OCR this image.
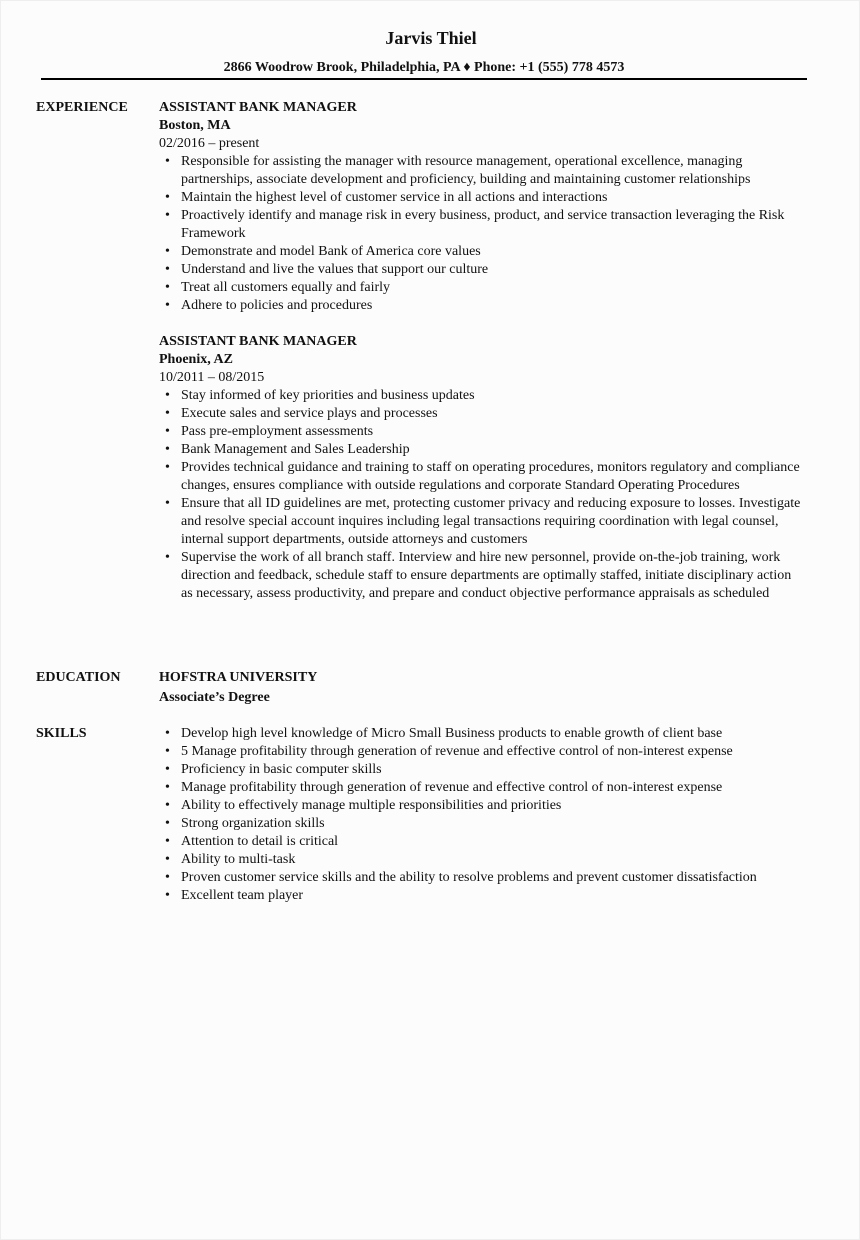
Jarvis Thiel
2866 Woodrow Brook, Philadelphia, PA ♦ Phone: +1 (555) 778 4573
EXPERIENCE ASSISTANT BANK MANAGER
Boston, MA
02/2016 – present
• Responsible for assisting the manager with resource management, operational excellence, managing partnerships, associate development and proficiency, building and maintaining customer relationships
• Maintain the highest level of customer service in all actions and interactions
• Proactively identify and manage risk in every business, product, and service transaction leveraging the Risk Framework
• Demonstrate and model Bank of America core values
• Understand and live the values that support our culture
• Treat all customers equally and fairly
• Adhere to policies and procedures
ASSISTANT BANK MANAGER
Phoenix, AZ
10/2011 – 08/2015
• Stay informed of key priorities and business updates
• Execute sales and service plays and processes
• Pass pre-employment assessments
• Bank Management and Sales Leadership
• Provides technical guidance and training to staff on operating procedures, monitors regulatory and compliance changes, ensures compliance with outside regulations and corporate Standard Operating Procedures
• Ensure that all ID guidelines are met, protecting customer privacy and reducing exposure to losses. Investigate and resolve special account inquires including legal transactions requiring coordination with legal counsel, internal support departments, outside attorneys and customers
• Supervise the work of all branch staff. Interview and hire new personnel, provide on-the-job training, work direction and feedback, schedule staff to ensure departments are optimally staffed, initiate disciplinary action as necessary, assess productivity, and prepare and conduct objective performance appraisals as scheduled
EDUCATION	HOFSTRA UNIVERSITY
Associate’s Degree
SKILLS	• Develop high level knowledge of Micro Small Business products to enable growth of client base
• 5 Manage profitability through generation of revenue and effective control of non-interest expense
• Proficiency in basic computer skills
• Manage profitability through generation of revenue and effective control of non-interest expense
• Ability to effectively manage multiple responsibilities and priorities
• Strong organization skills
• Attention to detail is critical
• Ability to multi-task
• Proven customer service skills and the ability to resolve problems and prevent customer dissatisfaction
• Excellent team player
